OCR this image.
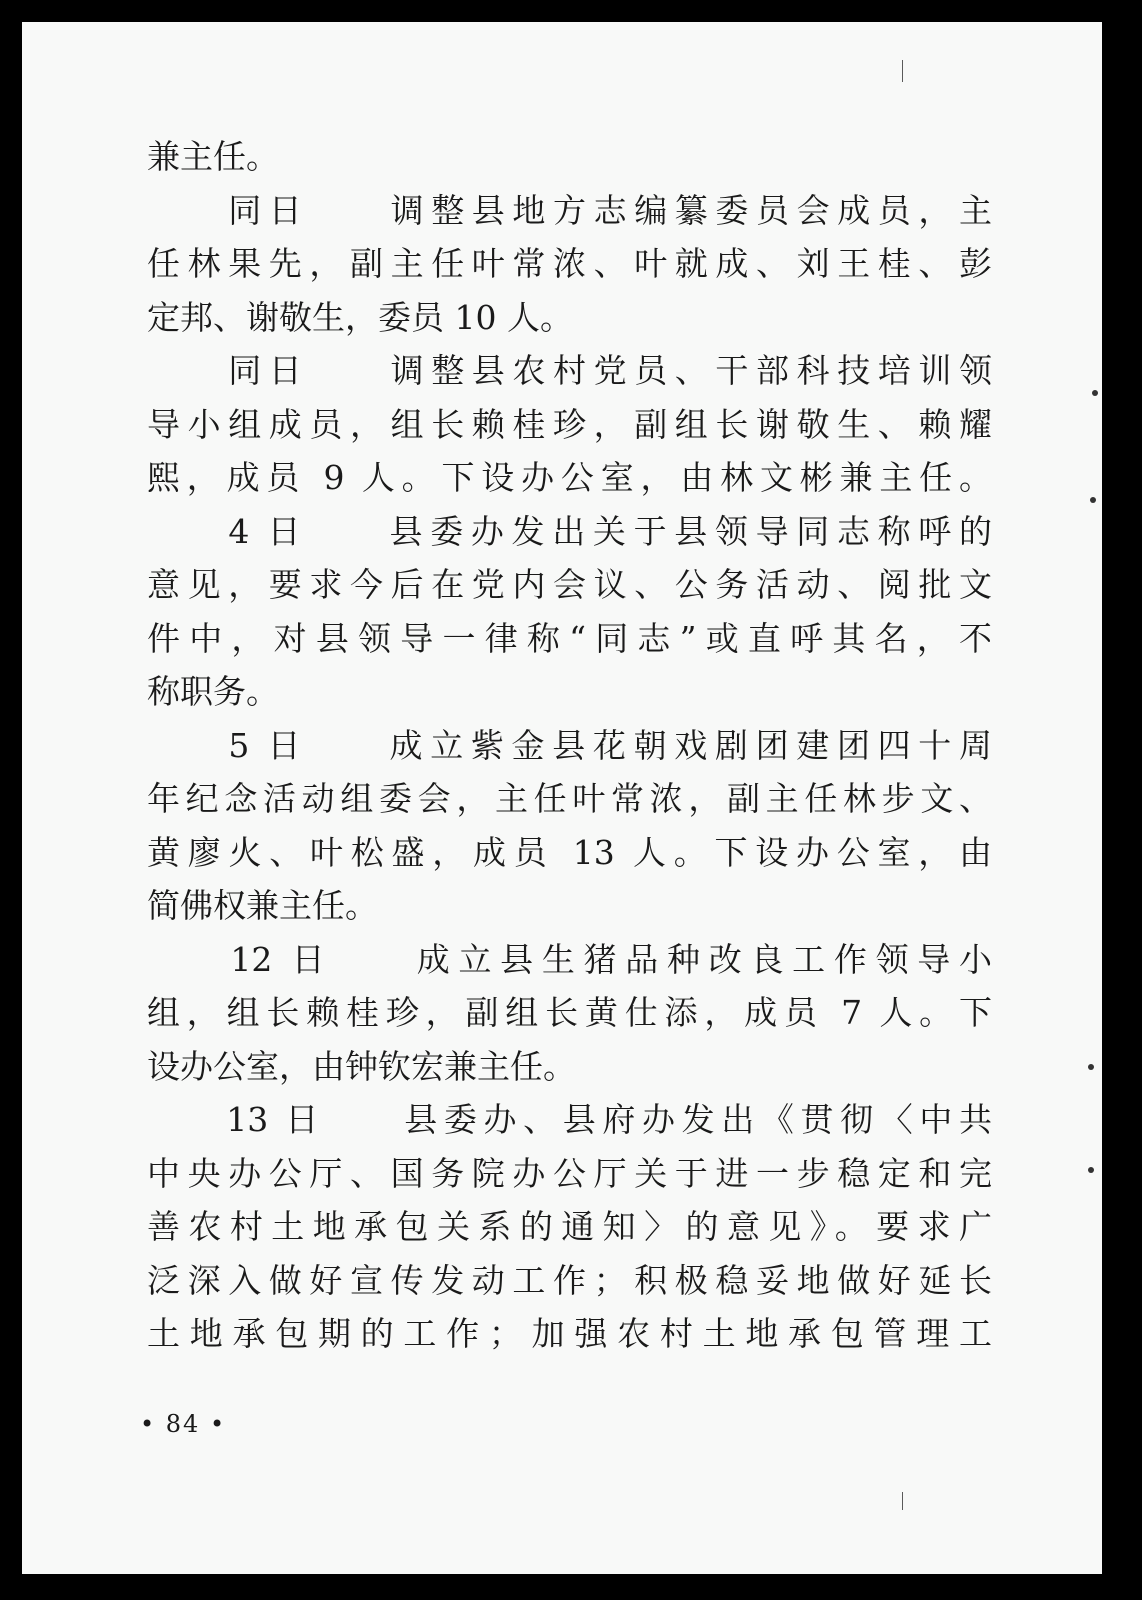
兼主任。
　　同日　　调整县地方志编纂委员会成员，主
任林果先，副主任叶常浓、叶就成、刘王桂、彭
定邦、谢敬生，委员 10 人。
　　同日　　调整县农村党员、干部科技培训领
导小组成员，组长赖桂珍，副组长谢敬生、赖耀
熙，成员 9 人。下设办公室，由林文彬兼主任。
　　4 日　　县委办发出关于县领导同志称呼的
意见，要求今后在党内会议、公务活动、阅批文
件中，对县领导一律称“同志”或直呼其名，不
称职务。
　　5 日　　成立紫金县花朝戏剧团建团四十周
年纪念活动组委会，主任叶常浓，副主任林步文、
黄廖火、叶松盛，成员 13 人。下设办公室，由
简佛权兼主任。
　　12 日　　成立县生猪品种改良工作领导小
组，组长赖桂珍，副组长黄仕添，成员 7 人。下
设办公室，由钟钦宏兼主任。
　　13 日　　县委办、县府办发出《贯彻〈中共
中央办公厅、国务院办公厅关于进一步稳定和完
善农村土地承包关系的通知〉的意见》。要求广
泛深入做好宣传发动工作；积极稳妥地做好延长
土地承包期的工作；加强农村土地承包管理工
• 84 •
